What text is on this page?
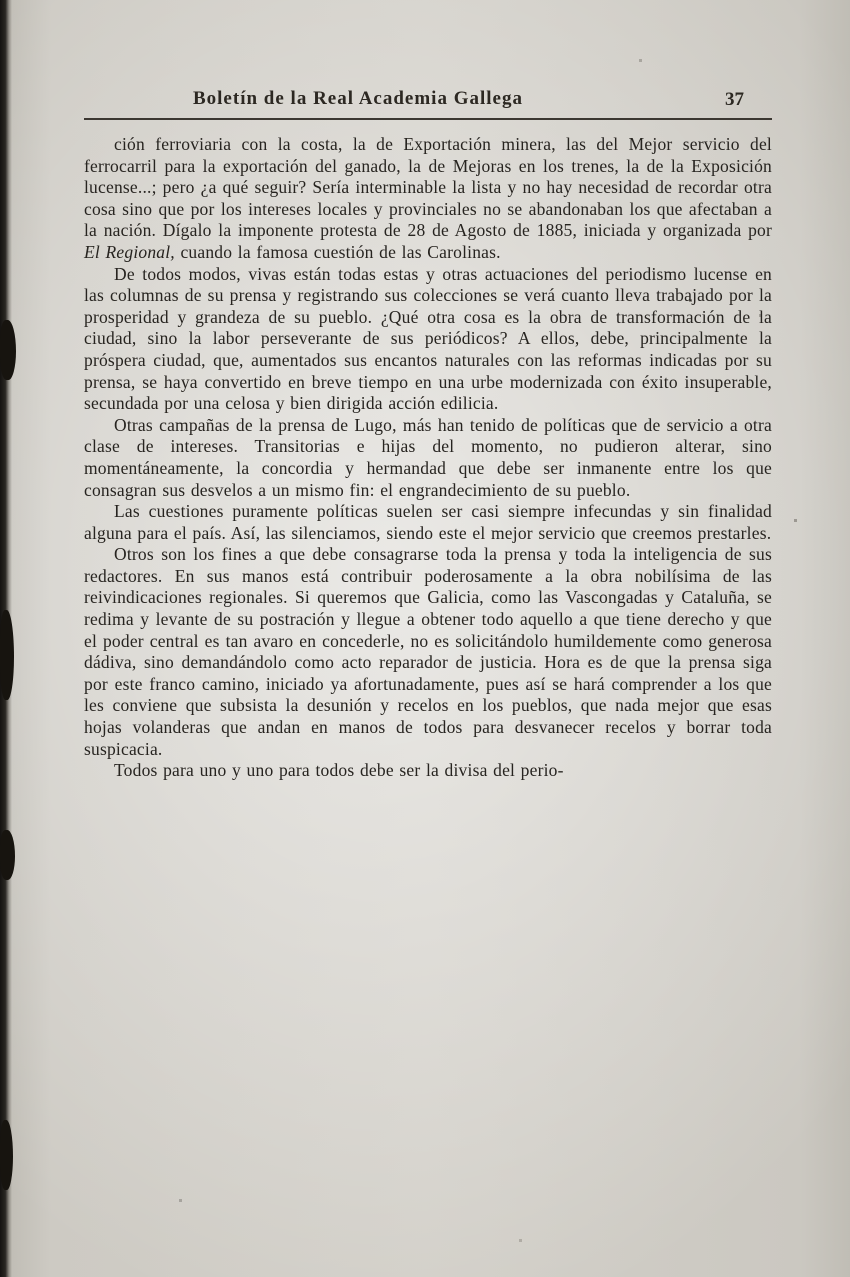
Boletín de la Real Academia Gallega	37

ción ferroviaria con la costa, la de Exportación minera, las del Mejor servicio del ferrocarril para la exportación del ganado, la de Mejoras en los trenes, la de la Exposición lucense...; pero ¿a qué seguir? Sería interminable la lista y no hay necesidad de recordar otra cosa sino que por los intereses locales y provinciales no se abandonaban los que afectaban a la nación. Dígalo la imponente protesta de 28 de Agosto de 1885, iniciada y organizada por El Regional, cuando la famosa cuestión de las Carolinas.

De todos modos, vivas están todas estas y otras actuaciones del periodismo lucense en las columnas de su prensa y registrando sus colecciones se verá cuanto lleva trabajado por la prosperidad y grandeza de su pueblo. ¿Qué otra cosa es la obra de transformación de la ciudad, sino la labor perseverante de sus periódicos? A ellos, debe, principalmente la próspera ciudad, que, aumentados sus encantos naturales con las reformas indicadas por su prensa, se haya convertido en breve tiempo en una urbe modernizada con éxito insuperable, secundada por una celosa y bien dirigida acción edilicia.

Otras campañas de la prensa de Lugo, más han tenido de políticas que de servicio a otra clase de intereses. Transitorias e hijas del momento, no pudieron alterar, sino momentáneamente, la concordia y hermandad que debe ser inmanente entre los que consagran sus desvelos a un mismo fin: el engrandecimiento de su pueblo.

Las cuestiones puramente políticas suelen ser casi siempre infecundas y sin finalidad alguna para el país. Así, las silenciamos, siendo este el mejor servicio que creemos prestarles.

Otros son los fines a que debe consagrarse toda la prensa y toda la inteligencia de sus redactores. En sus manos está contribuir poderosamente a la obra nobilísima de las reivindicaciones regionales. Si queremos que Galicia, como las Vascongadas y Cataluña, se redima y levante de su postración y llegue a obtener todo aquello a que tiene derecho y que el poder central es tan avaro en concederle, no es solicitándolo humildemente como generosa dádiva, sino demandándolo como acto reparador de justicia. Hora es de que la prensa siga por este franco camino, iniciado ya afortunadamente, pues así se hará comprender a los que les conviene que subsista la desunión y recelos en los pueblos, que nada mejor que esas hojas volanderas que andan en manos de todos para desvanecer recelos y borrar toda suspicacia.

Todos para uno y uno para todos debe ser la divisa del perio-
